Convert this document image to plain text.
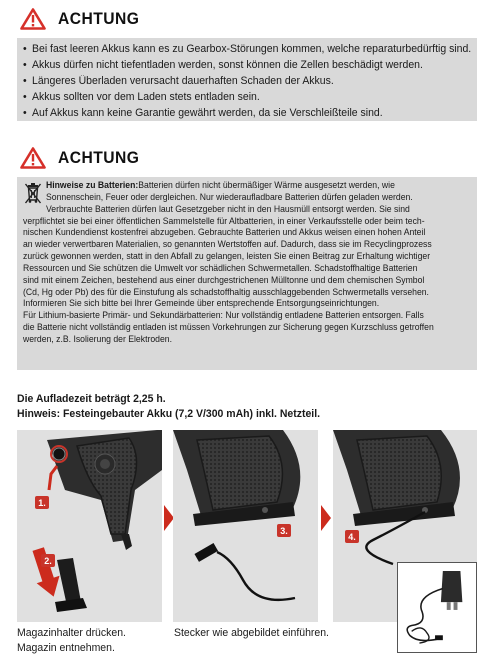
ACHTUNG
• Bei fast leeren Akkus kann es zu Gearbox-Störungen kommen, welche reparaturbedürftig sind.
• Akkus dürfen nicht tiefentladen werden, sonst können die Zellen beschädigt werden.
• Längeres Überladen verursacht dauerhaften Schaden der Akkus.
• Akkus sollten vor dem Laden stets entladen sein.
• Auf Akkus kann keine Garantie gewährt werden, da sie Verschleißteile sind.
ACHTUNG
Hinweise zu Batterien:Batterien dürfen nicht übermäßiger Wärme ausgesetzt werden, wie
Sonnenschein, Feuer oder dergleichen. Nur wiederaufladbare Batterien dürfen geladen werden.
Verbrauchte Batterien dürfen laut Gesetzgeber nicht in den Hausmüll entsorgt werden. Sie sind
verpflichtet sie bei einer öffentlichen Sammelstelle für Altbatterien, in einer Verkaufsstelle oder beim tech-
nischen Kundendienst kostenfrei abzugeben. Gebrauchte Batterien und Akkus weisen einen hohen Anteil
an wieder verwertbaren Materialien, so genannten Wertstoffen auf. Dadurch, dass sie im Recyclingprozess
zurück gewonnen werden, statt in den Abfall zu gelangen, leisten Sie einen Beitrag zur Erhaltung wichtiger
Ressourcen und Sie schützen die Umwelt vor schädlichen Schwermetallen. Schadstoffhaltige Batterien
sind mit einem Zeichen, bestehend aus einer durchgestrichenen Mülltonne und dem chemischen Symbol
(Cd, Hg oder Pb) des für die Einstufung als schadstoffhaltig ausschlaggebenden Schwermetalls versehen.
Informieren Sie sich bitte bei Ihrer Gemeinde über entsprechende Entsorgungseinrichtungen.
Für Lithium-basierte Primär- und Sekundärbatterien: Nur vollständig entladene Batterien entsorgen. Falls
die Batterie nicht vollständig entladen ist müssen Vorkehrungen zur Sicherung gegen Kurzschluss getroffen
werden, z.B. Isolierung der Elektroden.
Die Aufladezeit beträgt 2,25 h.
Hinweis: Festeingebauter Akku (7,2 V/300 mAh) inkl. Netzteil.
1.
2.
3.
4.
Magazinhalter drücken.
Magazin entnehmen.
Stecker wie abgebildet einführen.
